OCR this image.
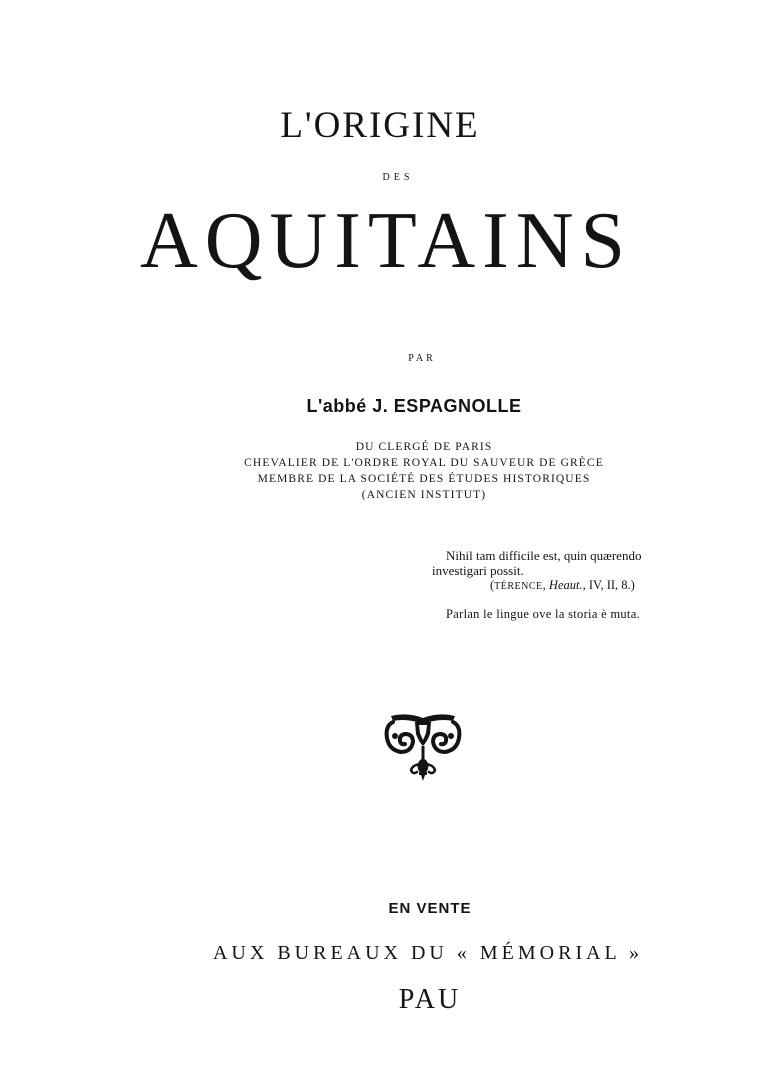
L'ORIGINE
DES
AQUITAINS
PAR
L'abbé J. ESPAGNOLLE
DU CLERGÉ DE PARIS
CHEVALIER DE L'ORDRE ROYAL DU SAUVEUR DE GRÈCE
MEMBRE DE LA SOCIÉTÉ DES ÉTUDES HISTORIQUES
(ANCIEN INSTITUT)
Nihil tam difficile est, quin quærendo
investigari possit.
(TÉRENCE, Heaut., IV, II, 8.)
Parlan le lingue ove la storia è muta.
EN VENTE
AUX BUREAUX DU « MÉMORIAL »
PAU
